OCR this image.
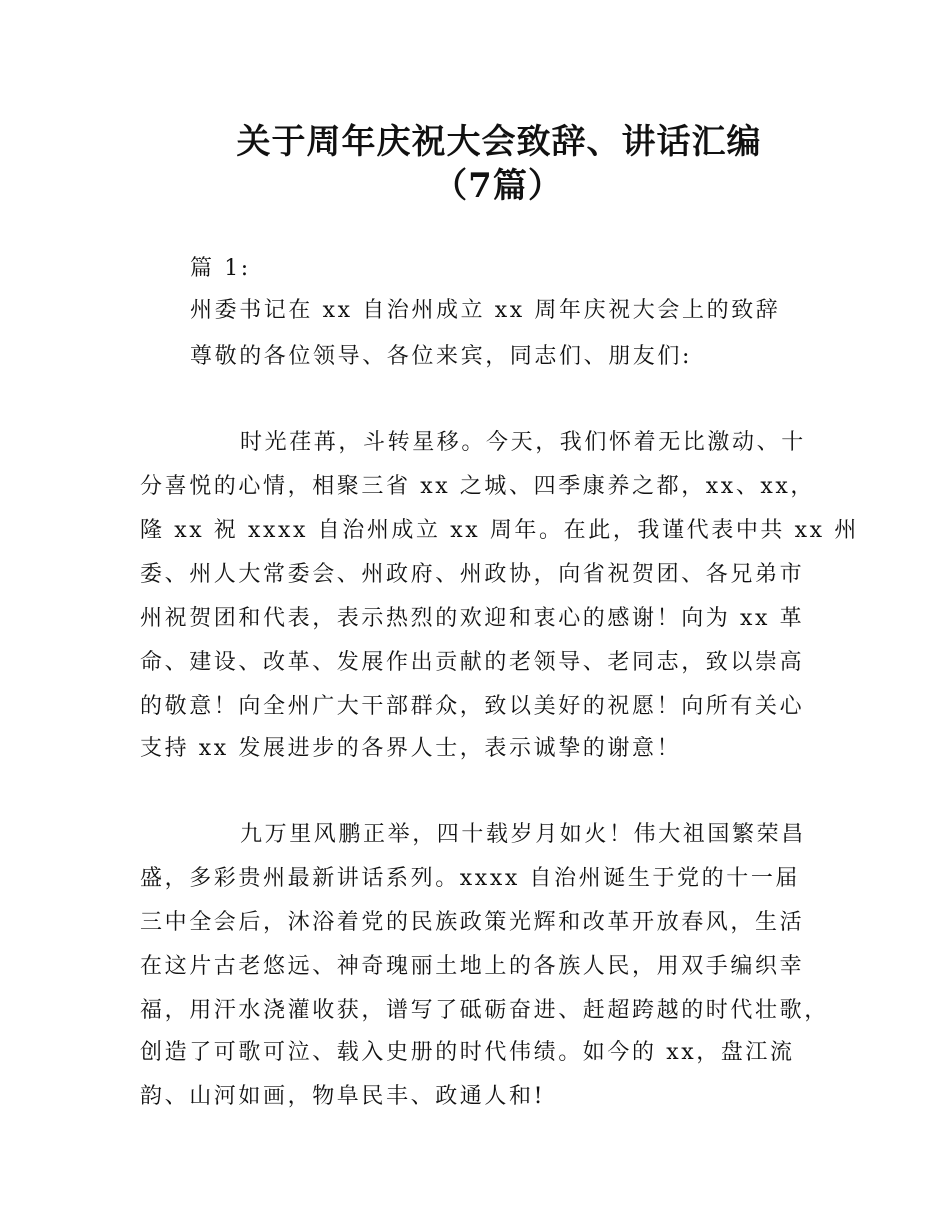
关于周年庆祝大会致辞、讲话汇编
（7篇）
篇 1:
州委书记在 xx 自治州成立 xx 周年庆祝大会上的致辞
尊敬的各位领导、各位来宾，同志们、朋友们:
时光荏苒，斗转星移。今天，我们怀着无比激动、十
分喜悦的心情，相聚三省 xx 之城、四季康养之都，xx、xx，
隆 xx 祝 xxxx 自治州成立 xx 周年。在此，我谨代表中共 xx 州
委、州人大常委会、州政府、州政协，向省祝贺团、各兄弟市
州祝贺团和代表，表示热烈的欢迎和衷心的感谢！向为 xx 革
命、建设、改革、发展作出贡献的老领导、老同志，致以崇高
的敬意！向全州广大干部群众，致以美好的祝愿！向所有关心
支持 xx 发展进步的各界人士，表示诚挚的谢意！
九万里风鹏正举，四十载岁月如火！伟大祖国繁荣昌
盛，多彩贵州最新讲话系列。xxxx 自治州诞生于党的十一届
三中全会后，沐浴着党的民族政策光辉和改革开放春风，生活
在这片古老悠远、神奇瑰丽土地上的各族人民，用双手编织幸
福，用汗水浇灌收获，谱写了砥砺奋进、赶超跨越的时代壮歌，
创造了可歌可泣、载入史册的时代伟绩。如今的 xx，盘江流
韵、山河如画，物阜民丰、政通人和!
